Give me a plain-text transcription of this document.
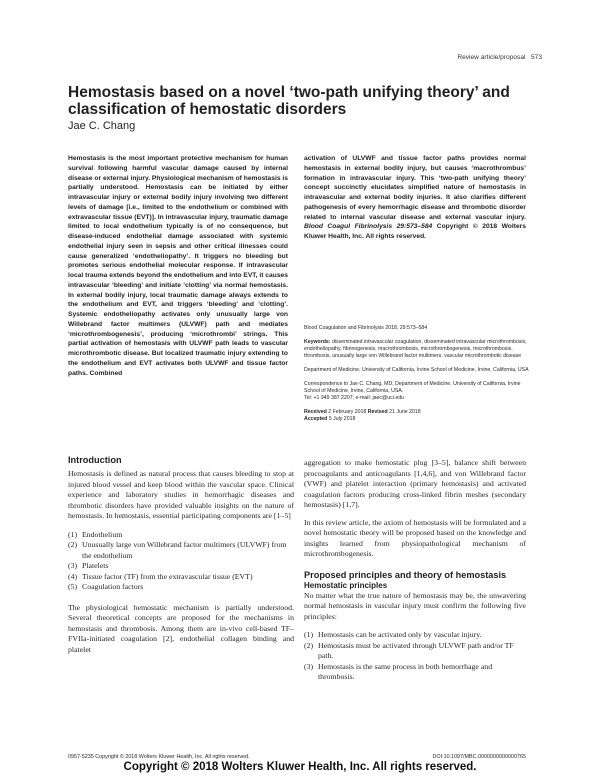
Review article/proposal 573
Hemostasis based on a novel ‘two-path unifying theory’ and classification of hemostatic disorders
Jae C. Chang
Hemostasis is the most important protective mechanism for human survival following harmful vascular damage caused by internal disease or external injury. Physiological mechanism of hemostasis is partially understood. Hemostasis can be initiated by either intravascular injury or external bodily injury involving two different levels of damage [i.e., limited to the endothelium or combined with extravascular tissue (EVT)]. In intravascular injury, traumatic damage limited to local endothelium typically is of no consequence, but disease-induced endothelial damage associated with systemic endothelial injury seen in sepsis and other critical illnesses could cause generalized ‘endotheliopathy’. It triggers no bleeding but promotes serious endothelial molecular response. If intravascular local trauma extends beyond the endothelium and into EVT, it causes intravascular ‘bleeding’ and initiate ‘clotting’ via normal hemostasis. In external bodily injury, local traumatic damage always extends to the endothelium and EVT, and triggers ‘bleeding’ and ‘clotting’. Systemic endotheliopathy activates only unusually large von Willebrand factor multimers (ULVWF) path and mediates ‘microthrombogenesis’, producing ‘microthrombi’ strings. This partial activation of hemostasis with ULVWF path leads to vascular microthrombotic disease. But localized traumatic injury extending to the endothelium and EVT activates both ULVWF and tissue factor paths. Combined
activation of ULVWF and tissue factor paths provides normal hemostasis in external bodily injury, but causes ‘macrothrombus’ formation in intravascular injury. This ‘two-path unifying theory’ concept succinctly elucidates simplified nature of hemostasis in intravascular and external bodily injuries. It also clarifies different pathogenesis of every hemorrhagic disease and thrombotic disorder related to internal vascular disease and external vascular injury. Blood Coagul Fibrinolysis 29:573–584 Copyright © 2018 Wolters Kluwer Health, Inc. All rights reserved.

Blood Coagulation and Fibrinolysis 2018, 29:573–584

Keywords: disseminated intravascular coagulation, disseminated intravascular microthrombosis, endotheliopathy, fibrinogenesis, macrothrombosis, microthrombogenesis, microthrombosis, thrombosis, unusually large von Willebrand factor multimers, vascular microthrombotic disease

Department of Medicine, University of California, Irvine School of Medicine, Irvine, California, USA

Correspondence to Jae C. Chang, MD, Department of Medicine, University of California, Irvine School of Medicine, Irvine, California, USA.
Tel: +1 949 387 2207; e-mail: jaec@uci.edu

Received 2 February 2018 Revised 21 June 2018
Accepted 5 July 2018

Introduction

Hemostasis is defined as natural process that causes bleeding to stop at injured blood vessel and keep blood within the vascular space. Clinical experience and laboratory studies in hemorrhagic diseases and thrombotic disorders have provided valuable insights on the nature of hemostasis. In hemostasis, essential participating components are [1–5]

(1) Endothelium
(2) Unusually large von Willebrand factor multimers (ULVWF) from the endothelium
(3) Platelets
(4) Tissue factor (TF) from the extravascular tissue (EVT)
(5) Coagulation factors

The physiological hemostatic mechanism is partially understood. Several theoretical concepts are proposed for the mechanisms in hemostasis and thrombosis. Among them are in-vivo cell-based TF–FVIIa-initiated coagulation [2], endothelial collagen binding and platelet

aggregation to make hemostatic plug [3–5], balance shift between procoagulants and anticoagulants [1,4,6], and von Willebrand factor (VWF) and platelet interaction (primary hemostasis) and activated coagulation factors producing cross-linked fibrin meshes (secondary hemostasis) [1,7].

In this review article, the axiom of hemostasis will be formulated and a novel hemostatic theory will be proposed based on the knowledge and insights learned from physiopathological mechanism of microthrombogenesis.

Proposed principles and theory of hemostasis

Hemostatic principles

No matter what the true nature of hemostasis may be, the unwavering normal hemostasis in vascular injury must confirm the following five principles:

(1) Hemostasis can be activated only by vascular injury.
(2) Hemostasis must be activated through ULVWF path and/or TF path.
(3) Hemostasis is the same process in both hemorrhage and thrombosis.
0957-5235 Copyright © 2018 Wolters Kluwer Health, Inc. All rights reserved.	DOI:10.1097/MBC.0000000000000765
Copyright © 2018 Wolters Kluwer Health, Inc. All rights reserved.
